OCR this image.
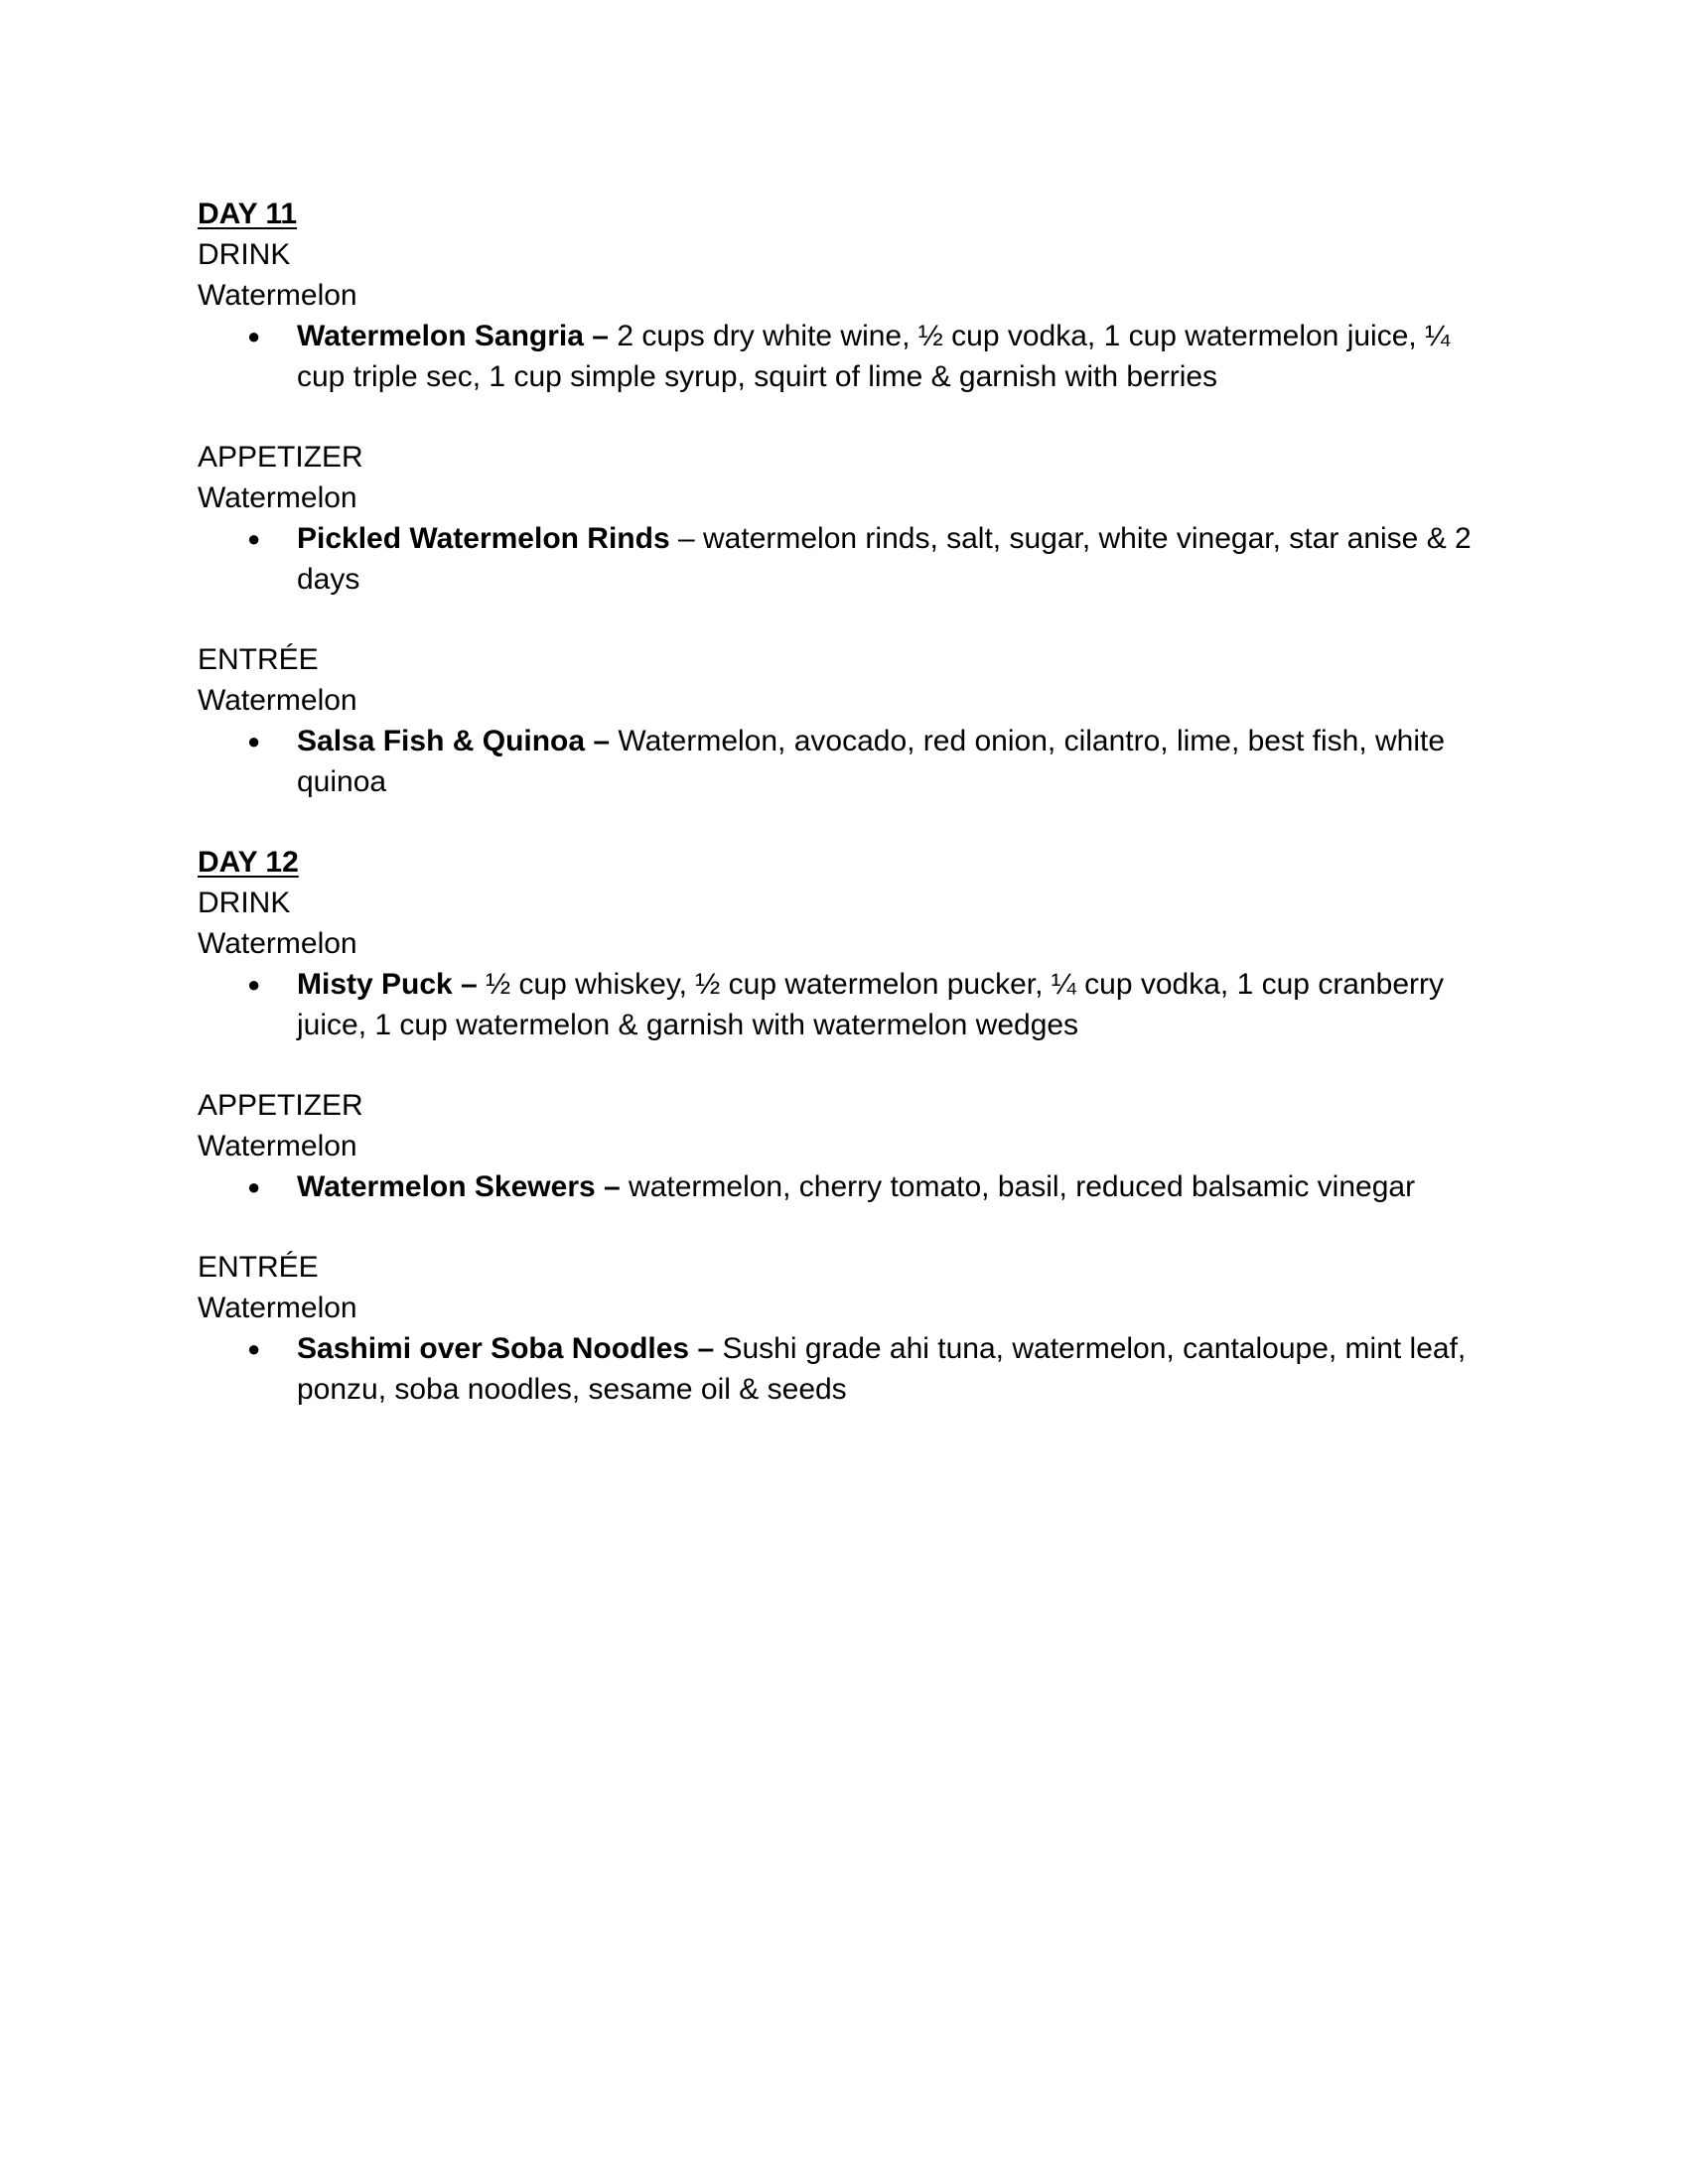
DAY 11

DRINK

Watermelon

● Watermelon Sangria – 2 cups dry white wine, ½ cup vodka, 1 cup watermelon juice, ¼ cup triple sec, 1 cup simple syrup, squirt of lime & garnish with berries

APPETIZER

Watermelon

● Pickled Watermelon Rinds – watermelon rinds, salt, sugar, white vinegar, star anise & 2 days

ENTRÉE

Watermelon

● Salsa Fish & Quinoa – Watermelon, avocado, red onion, cilantro, lime, best fish, white quinoa

DAY 12

DRINK

Watermelon

● Misty Puck – ½ cup whiskey, ½ cup watermelon pucker, ¼ cup vodka, 1 cup cranberry juice, 1 cup watermelon & garnish with watermelon wedges

APPETIZER

Watermelon

● Watermelon Skewers – watermelon, cherry tomato, basil, reduced balsamic vinegar

ENTRÉE

Watermelon

● Sashimi over Soba Noodles – Sushi grade ahi tuna, watermelon, cantaloupe, mint leaf, ponzu, soba noodles, sesame oil & seeds
